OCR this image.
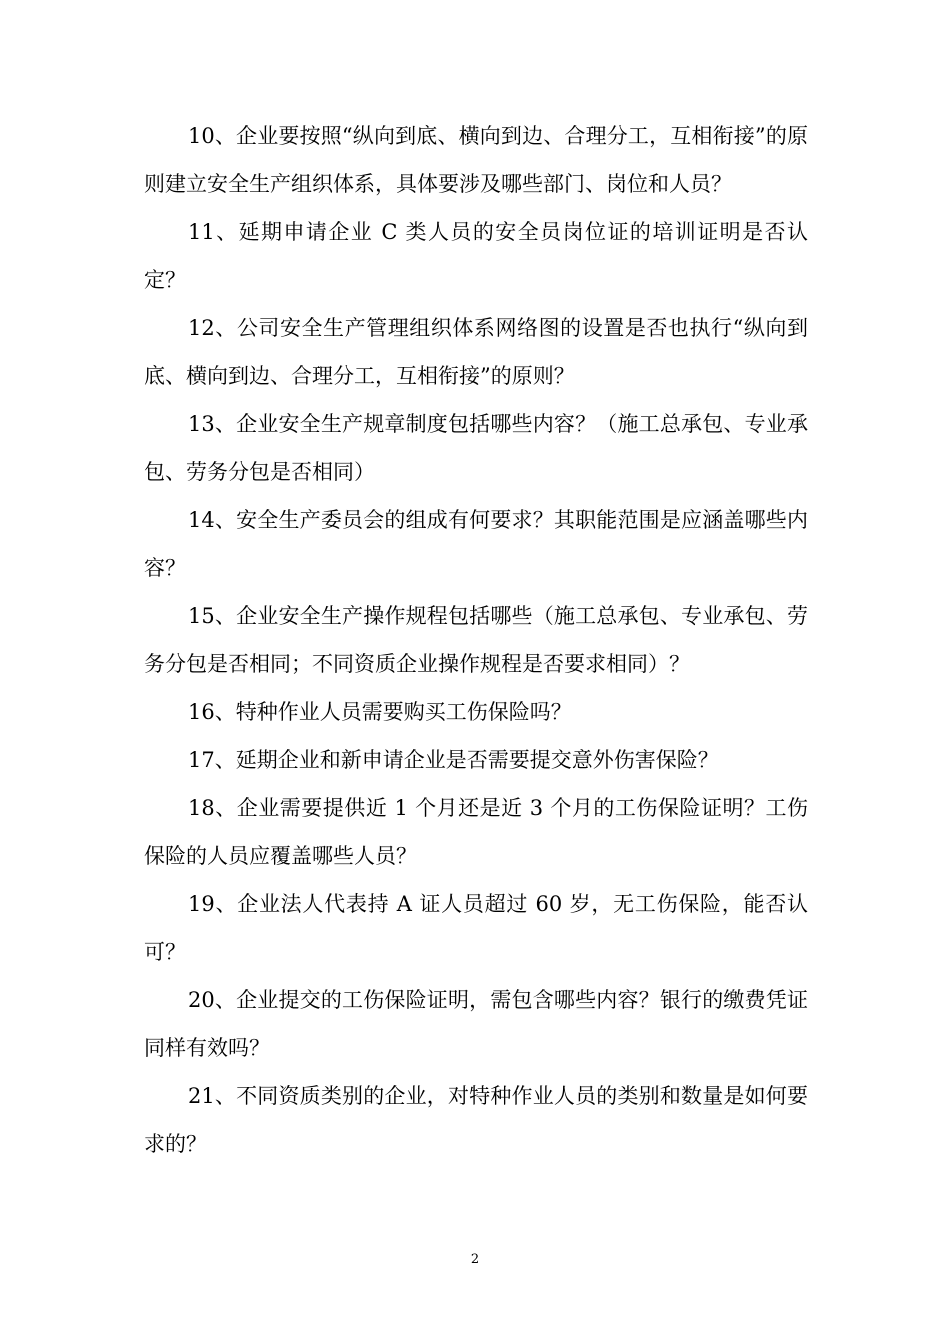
10、企业要按照“纵向到底、横向到边、合理分工，互相衔接”的原则建立安全生产组织体系，具体要涉及哪些部门、岗位和人员？

11、延期申请企业 C 类人员的安全员岗位证的培训证明是否认定？

12、公司安全生产管理组织体系网络图的设置是否也执行“纵向到底、横向到边、合理分工，互相衔接”的原则？

13、企业安全生产规章制度包括哪些内容？（施工总承包、专业承包、劳务分包是否相同）

14、安全生产委员会的组成有何要求？其职能范围是应涵盖哪些内容？

15、企业安全生产操作规程包括哪些（施工总承包、专业承包、劳务分包是否相同；不同资质企业操作规程是否要求相同）？

16、特种作业人员需要购买工伤保险吗？

17、延期企业和新申请企业是否需要提交意外伤害保险？

18、企业需要提供近 1 个月还是近 3 个月的工伤保险证明？工伤保险的人员应覆盖哪些人员？

19、企业法人代表持 A 证人员超过 60 岁，无工伤保险，能否认可？

20、企业提交的工伤保险证明，需包含哪些内容？银行的缴费凭证同样有效吗？

21、不同资质类别的企业，对特种作业人员的类别和数量是如何要求的？

2
